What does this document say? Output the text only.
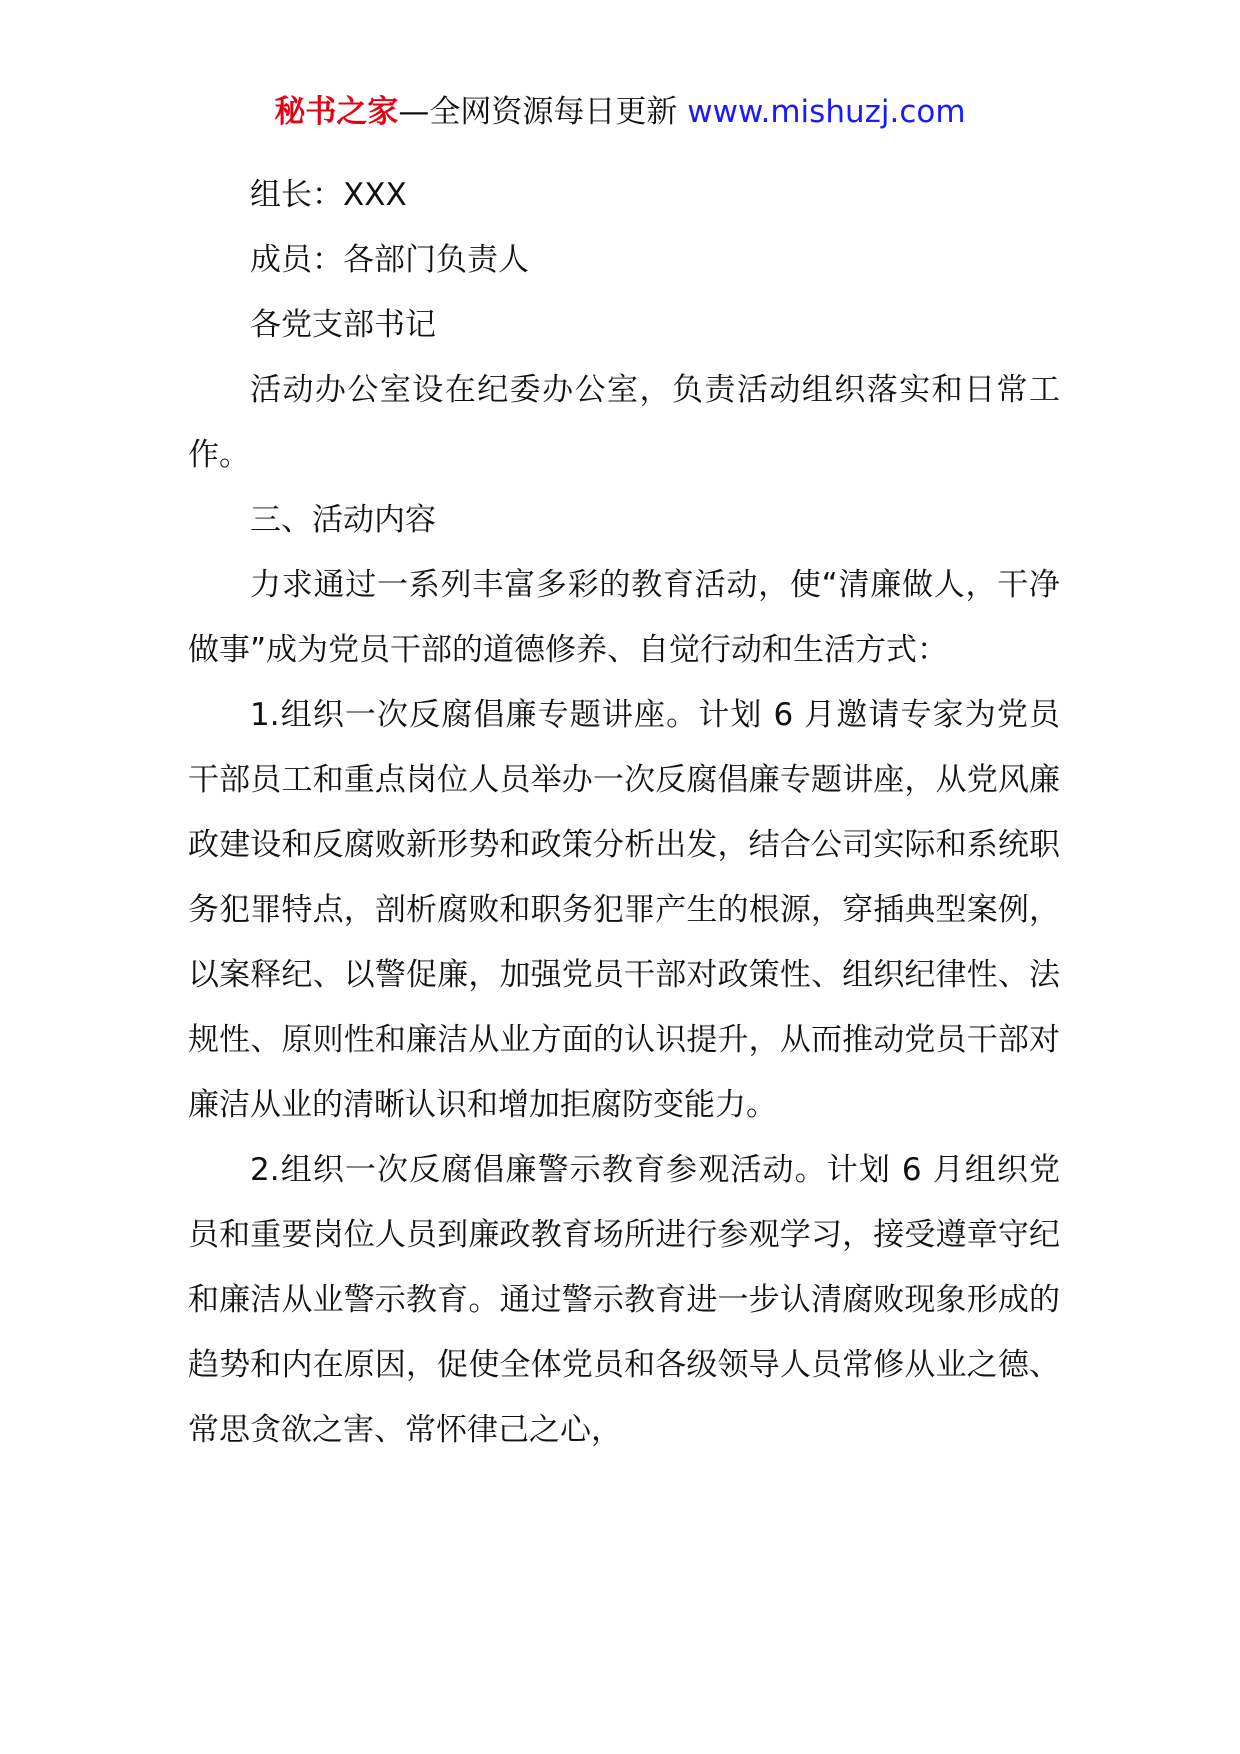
秘书之家—全网资源每日更新 www.mishuzj.com

组长：XXX

成员：各部门负责人

各党支部书记

活动办公室设在纪委办公室，负责活动组织落实和日常工作。

三、活动内容

力求通过一系列丰富多彩的教育活动，使“清廉做人，干净做事”成为党员干部的道德修养、自觉行动和生活方式：

1.组织一次反腐倡廉专题讲座。计划 6 月邀请专家为党员干部员工和重点岗位人员举办一次反腐倡廉专题讲座，从党风廉政建设和反腐败新形势和政策分析出发，结合公司实际和系统职务犯罪特点，剖析腐败和职务犯罪产生的根源，穿插典型案例，以案释纪、以警促廉，加强党员干部对政策性、组织纪律性、法规性、原则性和廉洁从业方面的认识提升，从而推动党员干部对廉洁从业的清晰认识和增加拒腐防变能力。

2.组织一次反腐倡廉警示教育参观活动。计划 6 月组织党员和重要岗位人员到廉政教育场所进行参观学习，接受遵章守纪和廉洁从业警示教育。通过警示教育进一步认清腐败现象形成的趋势和内在原因，促使全体党员和各级领导人员常修从业之德、常思贪欲之害、常怀律己之心，
